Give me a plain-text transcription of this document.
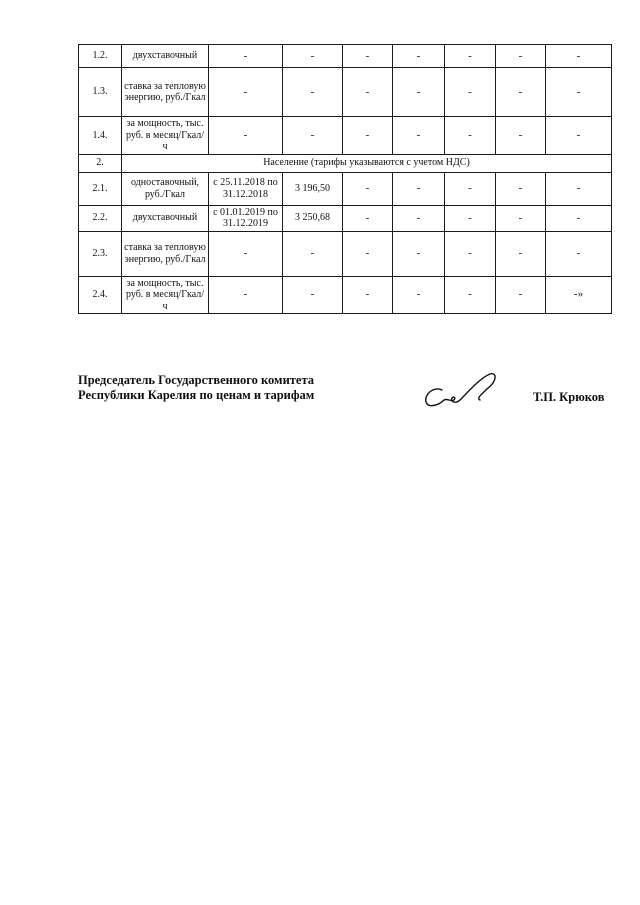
1.2.	двухставочный	-	-	-	-	-	-	-
1.3.	ставка за тепловую энергию, руб./Гкал	-	-	-	-	-	-	-
1.4.	за мощность, тыс. руб. в месяц/Гкал/ч	-	-	-	-	-	-	-
2.	Население (тарифы указываются с учетом НДС)							
2.1.	одноставочный, руб./Гкал	с 25.11.2018 по 31.12.2018	3 196,50	-	-	-	-	-
2.2.	двухставочный	с 01.01.2019 по 31.12.2019	3 250,68	-	-	-	-	-
2.3.	ставка за тепловую энергию, руб./Гкал	-	-	-	-	-	-	-
2.4.	за мощность, тыс. руб. в месяц/Гкал/ч	-	-	-	-	-	-	-»
Председатель Государственного комитета
Республики Карелия по ценам и тарифам	Т.П. Крюков
